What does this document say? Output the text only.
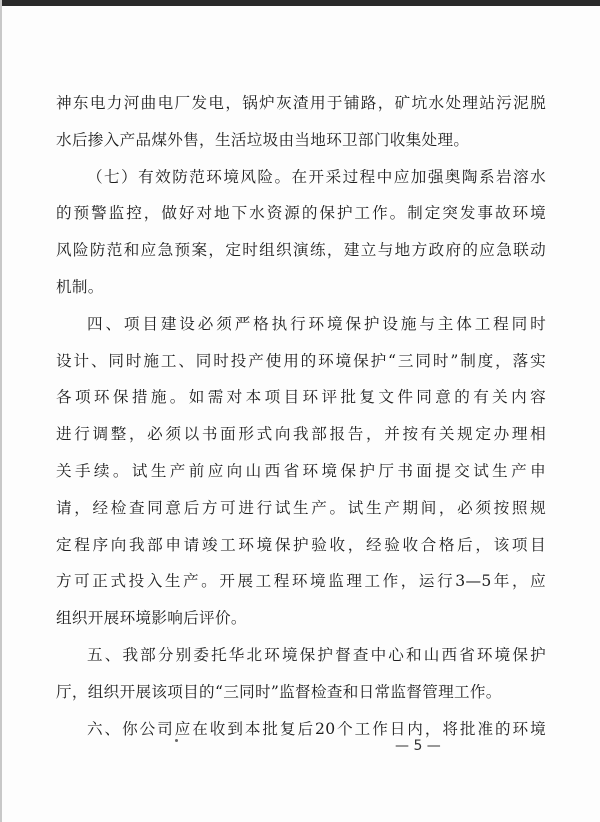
神东电力河曲电厂发电，锅炉灰渣用于铺路，矿坑水处理站污泥脱
水后掺入产品煤外售，生活垃圾由当地环卫部门收集处理。
（七）有效防范环境风险。在开采过程中应加强奥陶系岩溶水
的预警监控，做好对地下水资源的保护工作。制定突发事故环境
风险防范和应急预案，定时组织演练，建立与地方政府的应急联动
机制。
四、项目建设必须严格执行环境保护设施与主体工程同时
设计、同时施工、同时投产使用的环境保护“三同时”制度，落实
各项环保措施。如需对本项目环评批复文件同意的有关内容
进行调整，必须以书面形式向我部报告，并按有关规定办理相
关手续。试生产前应向山西省环境保护厅书面提交试生产申
请，经检查同意后方可进行试生产。试生产期间，必须按照规
定程序向我部申请竣工环境保护验收，经验收合格后，该项目
方可正式投入生产。开展工程环境监理工作，运行3—5年，应
组织开展环境影响后评价。
五、我部分别委托华北环境保护督查中心和山西省环境保护
厅，组织开展该项目的“三同时”监督检查和日常监督管理工作。
六、你公司应在收到本批复后20个工作日内，将批准的环境
— 5 —
